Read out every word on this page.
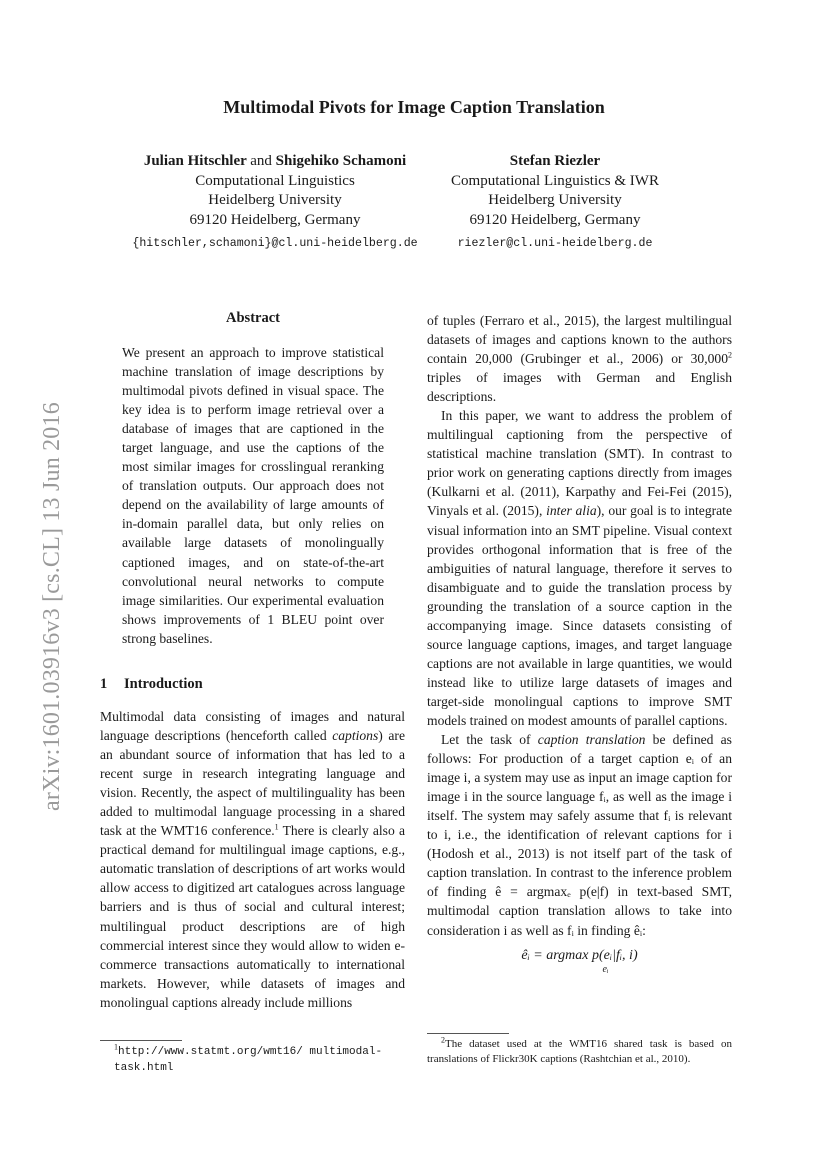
Multimodal Pivots for Image Caption Translation
Julian Hitschler and Shigehiko Schamoni
Computational Linguistics
Heidelberg University
69120 Heidelberg, Germany
{hitschler,schamoni}@cl.uni-heidelberg.de
Stefan Riezler
Computational Linguistics & IWR
Heidelberg University
69120 Heidelberg, Germany
riezler@cl.uni-heidelberg.de
arXiv:1601.03916v3 [cs.CL] 13 Jun 2016
Abstract
We present an approach to improve statistical machine translation of image descriptions by multimodal pivots defined in visual space. The key idea is to perform image retrieval over a database of images that are captioned in the target language, and use the captions of the most similar images for crosslingual reranking of translation outputs. Our approach does not depend on the availability of large amounts of in-domain parallel data, but only relies on available large datasets of monolingually captioned images, and on state-of-the-art convolutional neural networks to compute image similarities. Our experimental evaluation shows improvements of 1 BLEU point over strong baselines.
1 Introduction

Multimodal data consisting of images and natural language descriptions (henceforth called captions) are an abundant source of information that has led to a recent surge in research integrating language and vision. Recently, the aspect of multilinguality has been added to multimodal language processing in a shared task at the WMT16 conference.$^1$ There is clearly also a practical demand for multilingual image captions, e.g., automatic translation of descriptions of art works would allow access to digitized art catalogues across language barriers and is thus of social and cultural interest; multilingual product descriptions are of high commercial interest since they would allow to widen e-commerce transactions automatically to international markets. However, while datasets of images and monolingual captions already include millions

of tuples (Ferraro et al., 2015), the largest multilingual datasets of images and captions known to the authors contain 20,000 (Grubinger et al., 2006) or 30,000$^2$ triples of images with German and English descriptions.

In this paper, we want to address the problem of multilingual captioning from the perspective of statistical machine translation (SMT). In contrast to prior work on generating captions directly from images (Kulkarni et al. (2011), Karpathy and Fei-Fei (2015), Vinyals et al. (2015), inter alia), our goal is to integrate visual information into an SMT pipeline. Visual context provides orthogonal information that is free of the ambiguities of natural language, therefore it serves to disambiguate and to guide the translation process by grounding the translation of a source caption in the accompanying image. Since datasets consisting of source language captions, images, and target language captions are not available in large quantities, we would instead like to utilize large datasets of images and target-side monolingual captions to improve SMT models trained on modest amounts of parallel captions.

Let the task of caption translation be defined as follows: For production of a target caption eᵢ of an image i, a system may use as input an image caption for image i in the source language fᵢ, as well as the image i itself. The system may safely assume that fᵢ is relevant to i, i.e., the identification of relevant captions for i (Hodosh et al., 2013) is not itself part of the task of caption translation. In contrast to the inference problem of finding ê = argmaxₑ p(e|f) in text-based SMT, multimodal caption translation allows to take into consideration i as well as fᵢ in finding êᵢ:

êᵢ = argmax p(eᵢ|fᵢ, i)
eᵢ
$^1$http://www.statmt.org/wmt16/ multimodal-task.html
$^2$The dataset used at the WMT16 shared task is based on translations of Flickr30K captions (Rashtchian et al., 2010).
